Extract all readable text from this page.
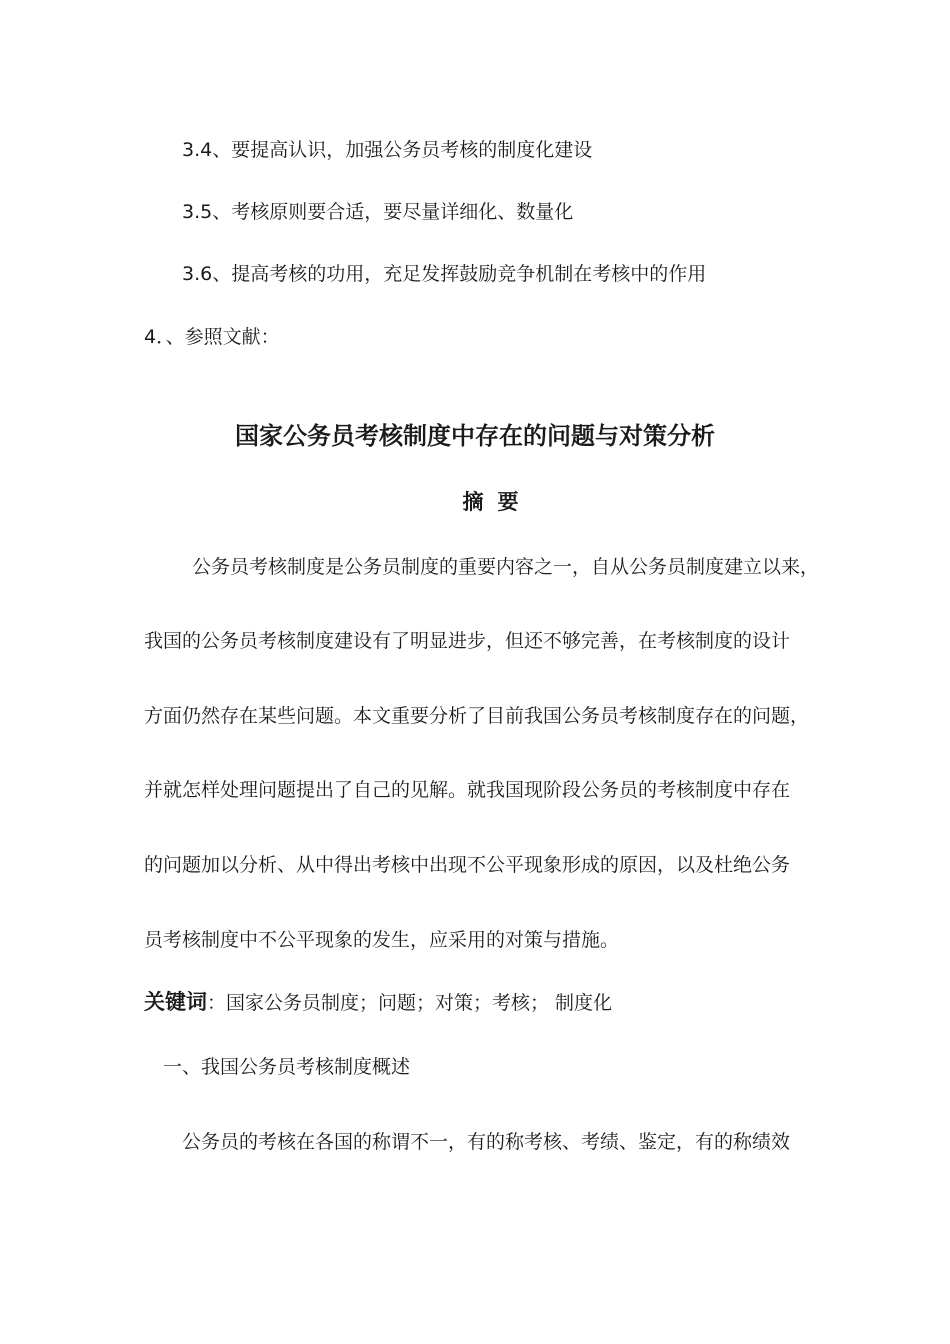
3.4、要提高认识，加强公务员考核的制度化建设
3.5、考核原则要合适，要尽量详细化、数量化
3.6、提高考核的功用，充足发挥鼓励竞争机制在考核中的作用
4．、参照文献：
国家公务员考核制度中存在的问题与对策分析
摘要
公务员考核制度是公务员制度的重要内容之一，自从公务员制度建立以来，
我国的公务员考核制度建设有了明显进步，但还不够完善，在考核制度的设计
方面仍然存在某些问题。本文重要分析了目前我国公务员考核制度存在的问题，
并就怎样处理问题提出了自己的见解。就我国现阶段公务员的考核制度中存在
的问题加以分析、从中得出考核中出现不公平现象形成的原因，以及杜绝公务
员考核制度中不公平现象的发生，应采用的对策与措施。
关键词：国家公务员制度；问题；对策；考核； 制度化
一、我国公务员考核制度概述
公务员的考核在各国的称谓不一，有的称考核、考绩、鉴定，有的称绩效
